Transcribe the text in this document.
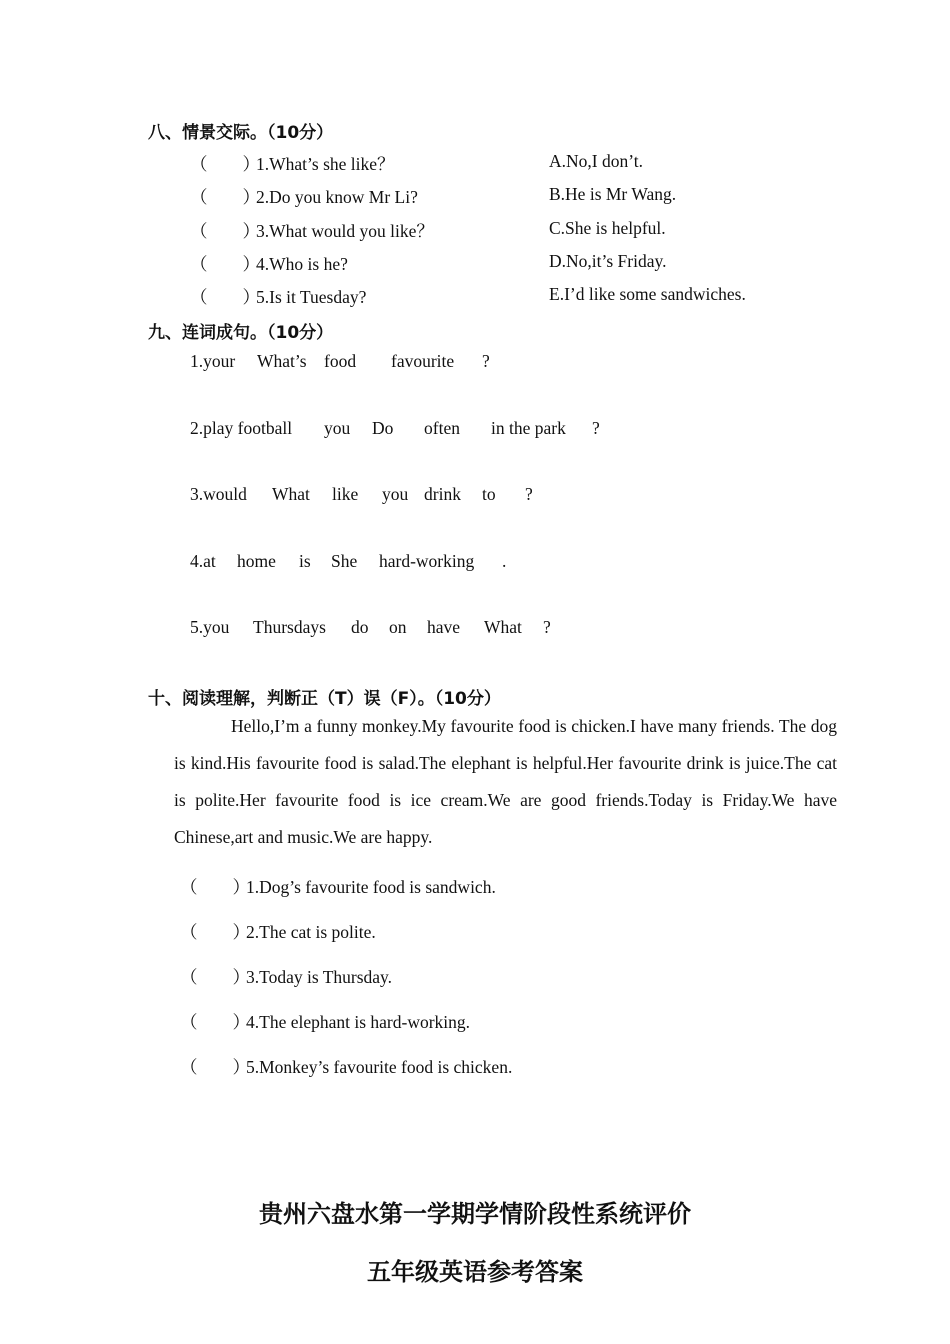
八、情景交际。（10分）
（　　）1.What’s she like？	A.No,I don’t.
（　　）2.Do you know Mr Li?	B.He is Mr Wang.
（　　）3.What would you like？	C.She is helpful.
（　　）4.Who is he?	D.No,it’s Friday.
（　　）5.Is it Tuesday?	E.I’d like some sandwiches.
九、连词成句。（10分）
1.your What’s food favourite ?
2.play football you Do often in the park ?
3.would What like you drink to ?
4.at home is She hard-working .
5.you Thursdays do on have What ?
十、阅读理解，判断正（T）误（F）。（10分）
Hello,I’m a funny monkey.My favourite food is chicken.I have many friends. The dog is kind.His favourite food is salad.The elephant is helpful.Her favourite drink is juice.The cat is polite.Her favourite food is ice cream.We are good friends.Today is Friday.We have Chinese,art and music.We are happy.
（　　）1.Dog’s favourite food is sandwich.
（　　）2.The cat is polite.
（　　）3.Today is Thursday.
（　　）4.The elephant is hard-working.
（　　）5.Monkey’s favourite food is chicken.
贵州六盘水第一学期学情阶段性系统评价
五年级英语参考答案
